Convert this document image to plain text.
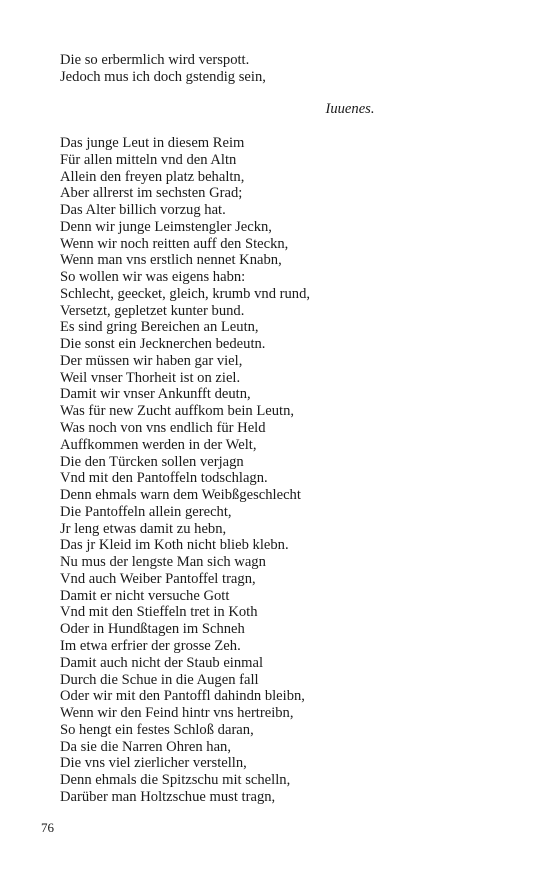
Die so erbermlich wird verspott.
Jedoch mus ich doch gstendig sein,
Iuuenes.
Das junge Leut in diesem Reim
Für allen mitteln vnd den Altn
Allein den freyen platz behaltn,
Aber allrerst im sechsten Grad;
Das Alter billich vorzug hat.
Denn wir junge Leimstengler Jeckn,
Wenn wir noch reitten auff den Steckn,
Wenn man vns erstlich nennet Knabn,
So wollen wir was eigens habn:
Schlecht, geecket, gleich, krumb vnd rund,
Versetzt, gepletzet kunter bund.
Es sind gring Bereichen an Leutn,
Die sonst ein Jecknerchen bedeutn.
Der müssen wir haben gar viel,
Weil vnser Thorheit ist on ziel.
Damit wir vnser Ankunfft deutn,
Was für new Zucht auffkom bein Leutn,
Was noch von vns endlich für Held
Auffkommen werden in der Welt,
Die den Türcken sollen verjagn
Vnd mit den Pantoffeln todschlagn.
Denn ehmals warn dem Weibßgeschlecht
Die Pantoffeln allein gerecht,
Jr leng etwas damit zu hebn,
Das jr Kleid im Koth nicht blieb klebn.
Nu mus der lengste Man sich wagn
Vnd auch Weiber Pantoffel tragn,
Damit er nicht versuche Gott
Vnd mit den Stieffeln tret in Koth
Oder in Hundßtagen im Schneh
Im etwa erfrier der grosse Zeh.
Damit auch nicht der Staub einmal
Durch die Schue in die Augen fall
Oder wir mit den Pantoffl dahindn bleibn,
Wenn wir den Feind hintr vns hertreibn,
So hengt ein festes Schloß daran,
Da sie die Narren Ohren han,
Die vns viel zierlicher verstelln,
Denn ehmals die Spitzschu mit schelln,
Darüber man Holtzschue must tragn,
76
